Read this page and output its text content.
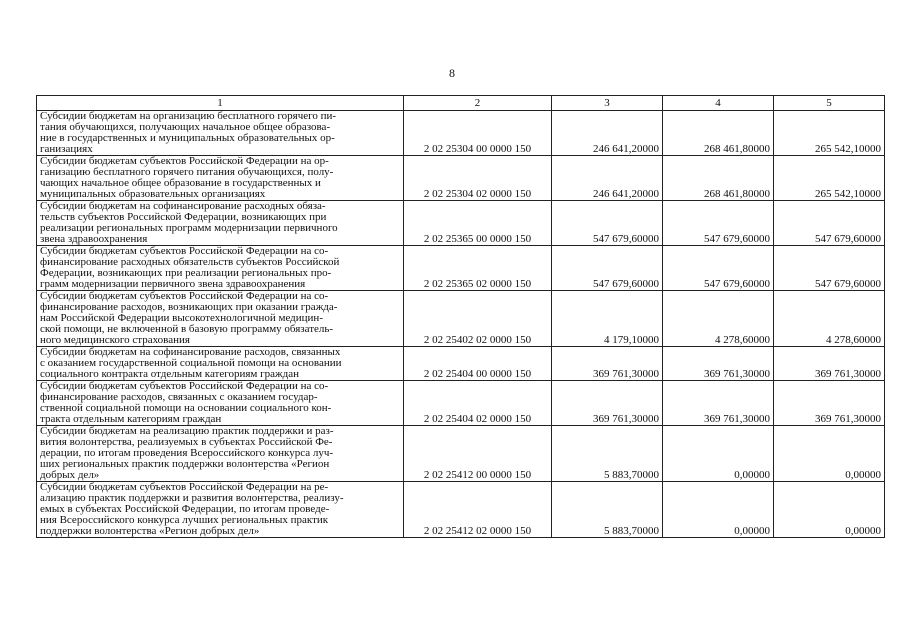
8
1	2	3	4	5
Субсидии бюджетам на организацию бесплатного горячего пи-
тания обучающихся, получающих начальное общее образова-
ние в государственных и муниципальных образовательных ор-
ганизациях	2 02 25304 00 0000 150	246 641,20000	268 461,80000	265 542,10000
Субсидии бюджетам субъектов Российской Федерации на ор-
ганизацию бесплатного горячего питания обучающихся, полу-
чающих начальное общее образование в государственных и
муниципальных образовательных организациях	2 02 25304 02 0000 150	246 641,20000	268 461,80000	265 542,10000
Субсидии бюджетам на софинансирование расходных обяза-
тельств субъектов Российской Федерации, возникающих при
реализации региональных программ модернизации первичного
звена здравоохранения	2 02 25365 00 0000 150	547 679,60000	547 679,60000	547 679,60000
Субсидии бюджетам субъектов Российской Федерации на со-
финансирование расходных обязательств субъектов Российской
Федерации, возникающих при реализации региональных про-
грамм модернизации первичного звена здравоохранения	2 02 25365 02 0000 150	547 679,60000	547 679,60000	547 679,60000
Субсидии бюджетам субъектов Российской Федерации на со-
финансирование расходов, возникающих при оказании гражда-
нам Российской Федерации высокотехнологичной медицин-
ской помощи, не включенной в базовую программу обязатель-
ного медицинского страхования	2 02 25402 02 0000 150	4 179,10000	4 278,60000	4 278,60000
Субсидии бюджетам на софинансирование расходов, связанных
с оказанием государственной социальной помощи на основании
социального контракта отдельным категориям граждан	2 02 25404 00 0000 150	369 761,30000	369 761,30000	369 761,30000
Субсидии бюджетам субъектов Российской Федерации на со-
финансирование расходов, связанных с оказанием государ-
ственной социальной помощи на основании социального кон-
тракта отдельным категориям граждан	2 02 25404 02 0000 150	369 761,30000	369 761,30000	369 761,30000
Субсидии бюджетам на реализацию практик поддержки и раз-
вития волонтерства, реализуемых в субъектах Российской Фе-
дерации, по итогам проведения Всероссийского конкурса луч-
ших региональных практик поддержки волонтерства «Регион
добрых дел»	2 02 25412 00 0000 150	5 883,70000	0,00000	0,00000
Субсидии бюджетам субъектов Российской Федерации на ре-
ализацию практик поддержки и развития волонтерства, реализу-
емых в субъектах Российской Федерации, по итогам проведе-
ния Всероссийского конкурса лучших региональных практик
поддержки волонтерства «Регион добрых дел»	2 02 25412 02 0000 150	5 883,70000	0,00000	0,00000
